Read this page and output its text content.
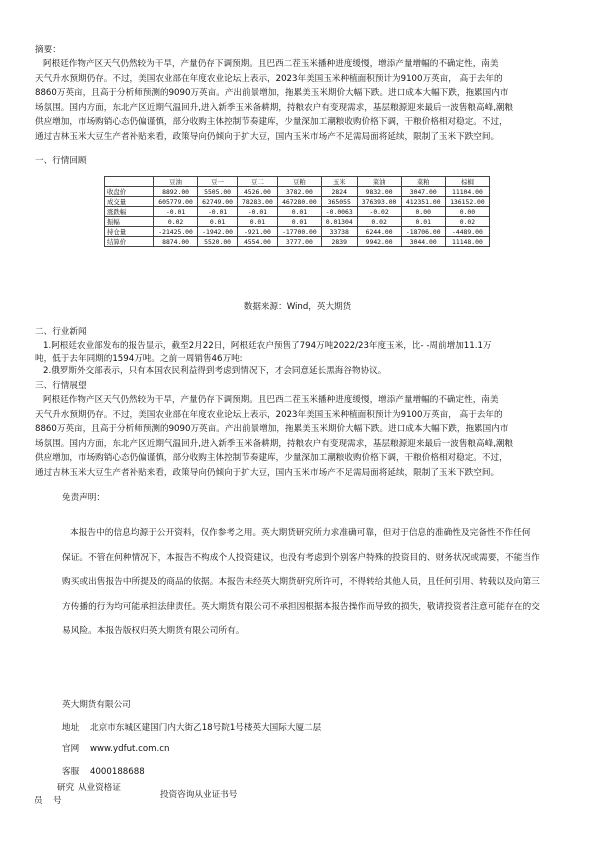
摘要：
阿根廷作物产区天气仍然较为干旱，产量仍存下调预期。且巴西二茬玉米播种进度缓慢，增添产量增幅的不确定性，南美
天气升水预期仍存。不过，美国农业部在年度农业论坛上表示，2023年美国玉米种植面积预计为9100万英亩， 高于去年的
8860万英亩，且高于分析师预测的9090万英亩。产出前景增加，拖累美玉米期价大幅下跌。进口成本大幅下跌，拖累国内市
场氛围。国内方面，东北产区近期气温回升,进入新季玉米备耕期，持粮农户有变现需求，基层粮源迎来最后一波售粮高峰,潮粮
供应增加，市场购销心态仍偏谨慎，部分收购主体控制节奏建库，少量深加工潮粮收购价格下调，干粮价格相对稳定。不过，
通过吉林玉米大豆生产者补贴来看，政策导向仍倾向于扩大豆，国内玉米市场产不足需局面将延续，限制了玉米下跌空间。
一、行情回顾
	豆油	豆一	豆二	豆粕	玉米	菜油	菜粕	棕榈
收盘价	8892.00	5505.00	4526.00	3782.00	2824	9832.00	3047.00	11104.00
成交量	605779.00	62749.00	78283.00	467280.00	365055	376393.00	412351.00	136152.00
涨跌幅	-0.01	-0.01	-0.01	0.01	-0.0063	-0.02	0.00	0.00
振幅	0.02	0.01	0.01	0.01	0.01304	0.02	0.01	0.02
持仓量	-21425.00	-1942.00	-921.00	-17700.00	33738	6244.00	-18706.00	-4489.00
结算价	8874.00	5520.00	4554.00	3777.00	2839	9942.00	3044.00	11148.00
数据来源：Wind，英大期货
二、行业新闻
1.阿根廷农业部发布的报告显示，截至2月22日，阿根廷农户预售了794万吨2022/23年度玉米，比- -周前增加11.1万
吨，低于去年同期的1594万吨。之前一周销售46万吨:
2.俄罗斯外交部表示，只有本国农民利益得到考虑到情况下，才会同意延长黑海谷物协议。
三、行情展望
阿根廷作物产区天气仍然较为干旱，产量仍存下调预期。且巴西二茬玉米播种进度缓慢，增添产量增幅的不确定性，南美
天气升水预期仍存。不过，美国农业部在年度农业论坛上表示，2023年美国玉米种植面积预计为9100万英亩， 高于去年的
8860万英亩，且高于分析师预测的9090万英亩。产出前景增加，拖累美玉米期价大幅下跌。进口成本大幅下跌，拖累国内市
场氛围。国内方面，东北产区近期气温回升,进入新季玉米备耕期，持粮农户有变现需求，基层粮源迎来最后一波售粮高峰,潮粮
供应增加，市场购销心态仍偏谨慎，部分收购主体控制节奏建库，少量深加工潮粮收购价格下调，干粮价格相对稳定。不过，
通过吉林玉米大豆生产者补贴来看，政策导向仍倾向于扩大豆，国内玉米市场产不足需局面将延续，限制了玉米下跌空间。
免责声明：
本报告中的信息均源于公开资料，仅作参考之用。英大期货研究所力求准确可靠，但对于信息的准确性及完备性不作任何
保证。不管在何种情况下，本报告不构成个人投资建议，也没有考虑到个别客户特殊的投资目的、财务状况或需要，不能当作
购买或出售报告中所提及的商品的依据。本报告未经英大期货研究所许可，不得转给其他人员，且任何引用、转载以及向第三
方传播的行为均可能承担法律责任。英大期货有限公司不承担因根据本报告操作而导致的损失，敬请投资者注意可能存在的交
易风险。本报告版权归英大期货有限公司所有。
英大期货有限公司
地址 北京市东城区建国门内大街乙18号院1号楼英大国际大厦二层
官网 www.ydfut.com.cn
客服 4000188688
研究
员
从业资格证
号
投资咨询从业证书号
